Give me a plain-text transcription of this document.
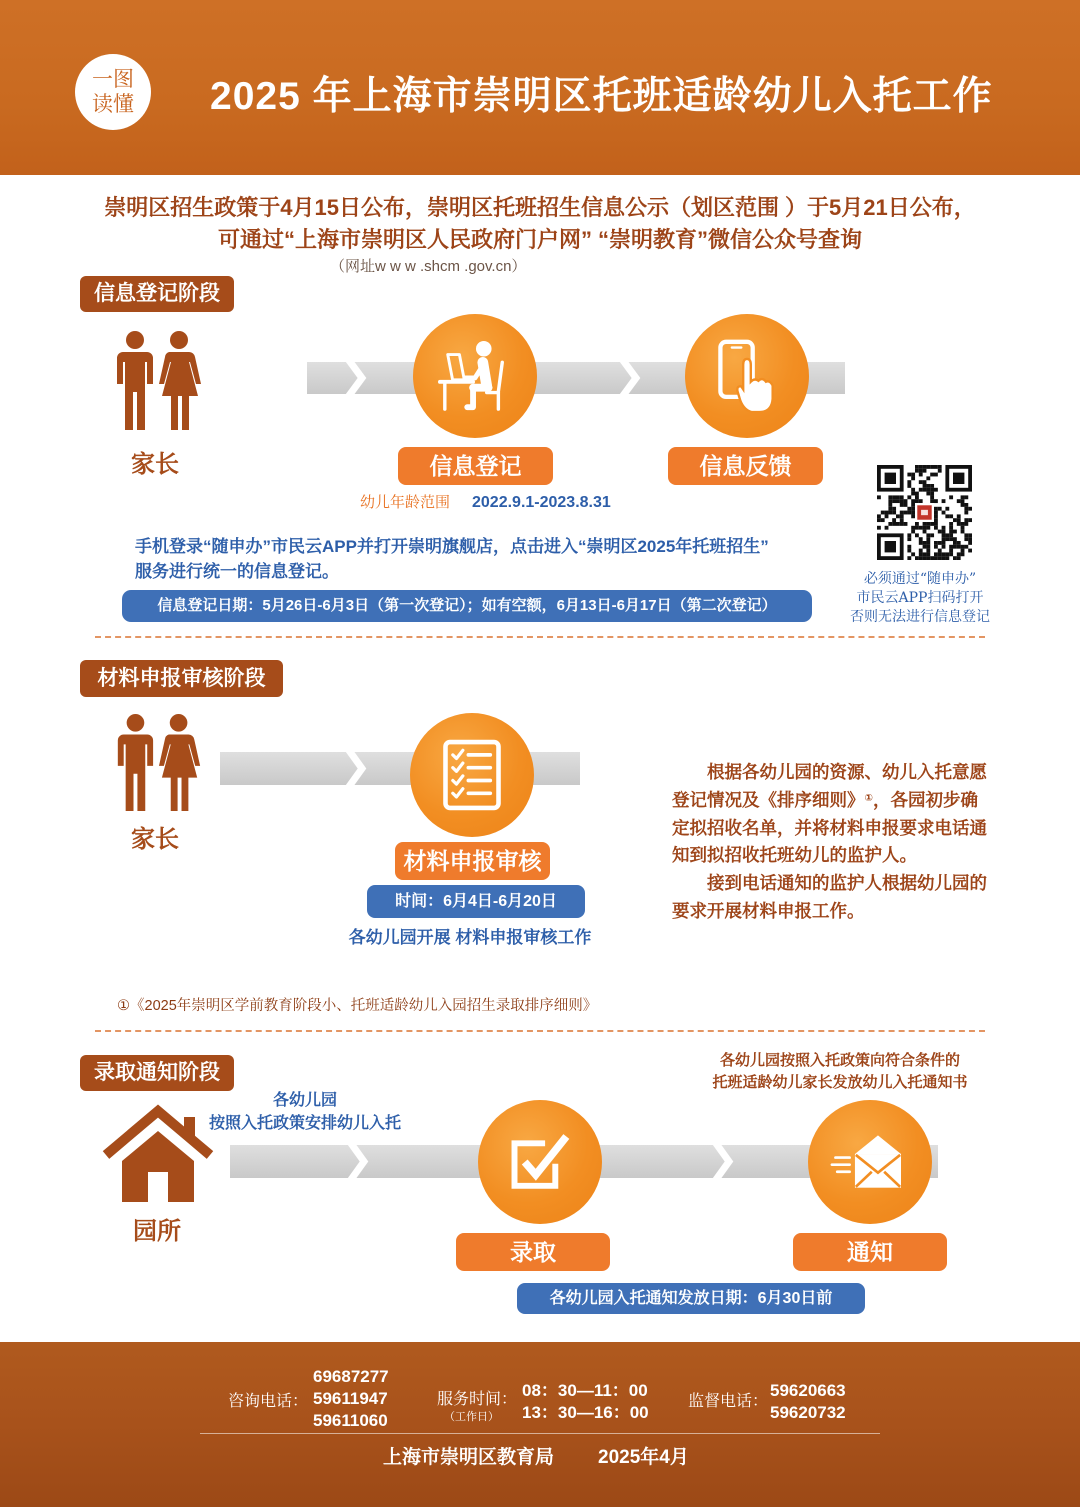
一图
读懂 2025 年上海市崇明区托班适龄幼儿入托工作
崇明区招生政策于4月15日公布，崇明区托班招生信息公示（划区范围 ）于5月21日公布，
可通过“上海市崇明区人民政府门户网” “崇明教育”微信公众号查询
（网址w w w .shcm .gov.cn）
信息登记阶段
家长	信息登记	信息反馈
幼儿年龄范围 2022.9.1-2023.8.31
手机登录“随申办”市民云APP并打开崇明旗舰店，点击进入“崇明区2025年托班招生”
服务进行统一的信息登记。
信息登记日期：5月26日-6月3日（第一次登记）；如有空额，6月13日-6月17日（第二次登记）
必须通过“随申办”
市民云APP扫码打开
否则无法进行信息登记
材料申报审核阶段
家长
材料申报审核
时间：6月4日-6月20日
各幼儿园开展 材料申报审核工作
根据各幼儿园的资源、幼儿入托意愿
登记情况及《排序细则》①，各园初步确
定拟招收名单，并将材料申报要求电话通
知到拟招收托班幼儿的监护人。
接到电话通知的监护人根据幼儿园的
要求开展材料申报工作。
①《2025年崇明区学前教育阶段小、托班适龄幼儿入园招生录取排序细则》
录取通知阶段
各幼儿园
按照入托政策安排幼儿入托
园所
录取	通知
各幼儿园按照入托政策向符合条件的
托班适龄幼儿家长发放幼儿入托通知书
各幼儿园入托通知发放日期：6月30日前
咨询电话：
69687277
59611947
59611060
服务时间：
（工作日）
08：30—11：00
13：30—16：00
监督电话：
59620663
59620732
上海市崇明区教育局 2025年4月
